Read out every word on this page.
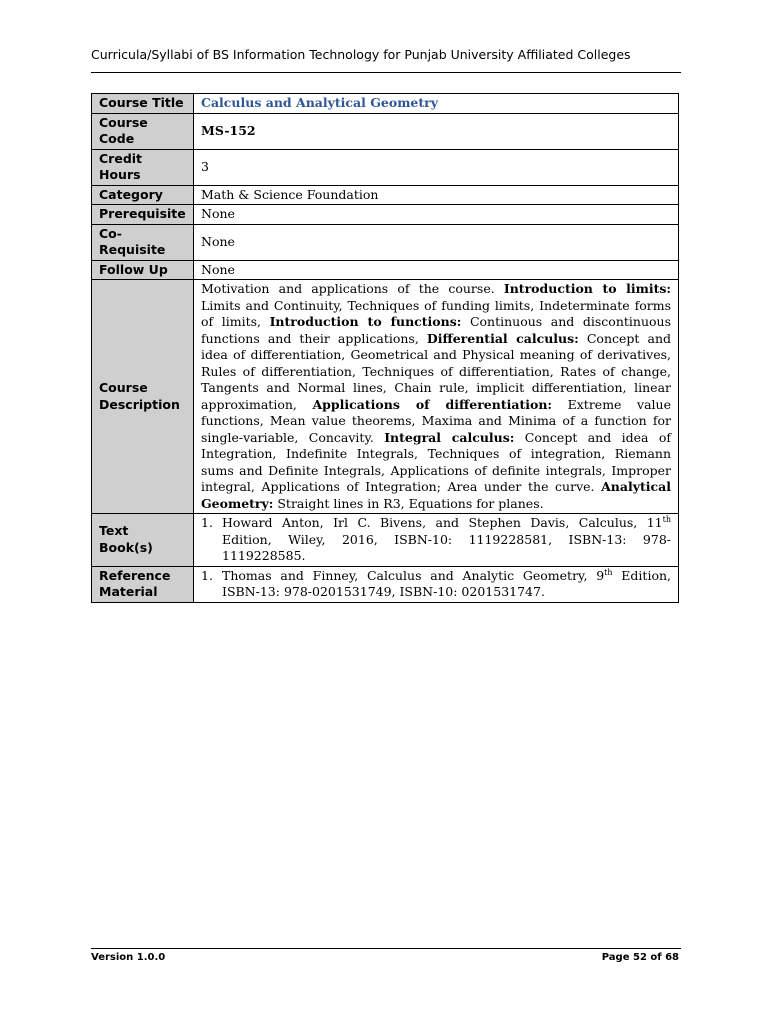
Curricula/Syllabi of BS Information Technology for Punjab University Affiliated Colleges
Course Title	Calculus and Analytical Geometry
Course Code	MS-152
Credit Hours	3
Category	Math & Science Foundation
Prerequisite	None
Co-Requisite	None
Follow Up	None
Course Description	Motivation and applications of the course. Introduction to limits: Limits and Continuity, Techniques of funding limits, Indeterminate forms of limits, Introduction to functions: Continuous and discontinuous functions and their applications, Differential calculus: Concept and idea of differentiation, Geometrical and Physical meaning of derivatives, Rules of differentiation, Techniques of differentiation, Rates of change, Tangents and Normal lines, Chain rule, implicit differentiation, linear approximation, Applications of differentiation: Extreme value functions, Mean value theorems, Maxima and Minima of a function for single-variable, Concavity. Integral calculus: Concept and idea of Integration, Indefinite Integrals, Techniques of integration, Riemann sums and Definite Integrals, Applications of definite integrals, Improper integral, Applications of Integration; Area under the curve. Analytical Geometry: Straight lines in R3, Equations for planes.
Text Book(s)	1. Howard Anton, Irl C. Bivens, and Stephen Davis, Calculus, 11th Edition, Wiley, 2016, ISBN-10: 1119228581, ISBN-13: 978-1119228585.

Reference Material	1. Thomas and Finney, Calculus and Analytic Geometry, 9th Edition, ISBN-13: 978-0201531749, ISBN-10: 0201531747.
Version 1.0.0	Page 52 of 68
